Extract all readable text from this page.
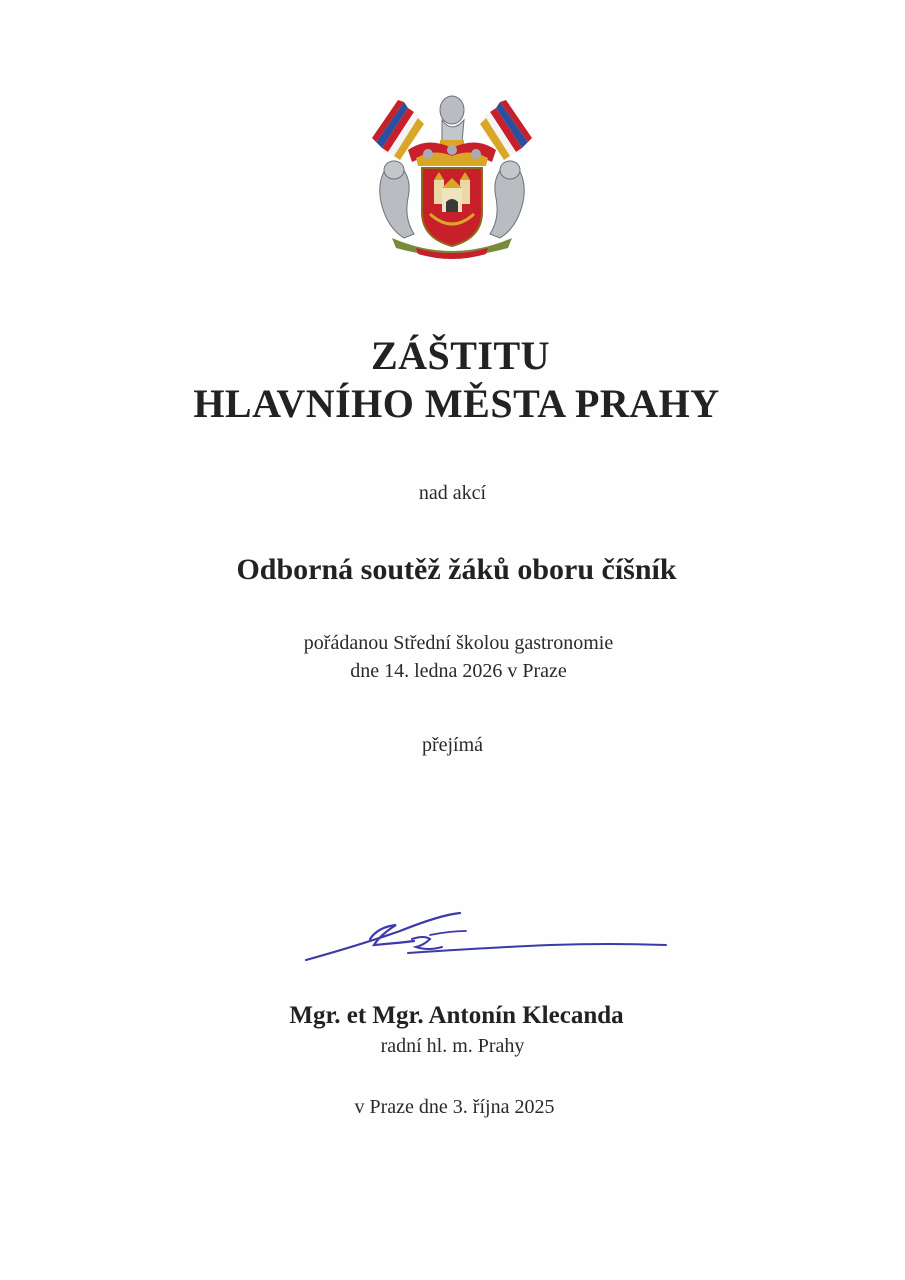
ZÁŠTITU
HLAVNÍHO MĚSTA PRAHY
nad akcí
Odborná soutěž žáků oboru číšník
pořádanou Střední školou gastronomie
dne 14. ledna 2026 v Praze
přejímá
Mgr. et Mgr. Antonín Klecanda
radní hl. m. Prahy
v Praze dne 3. října 2025
